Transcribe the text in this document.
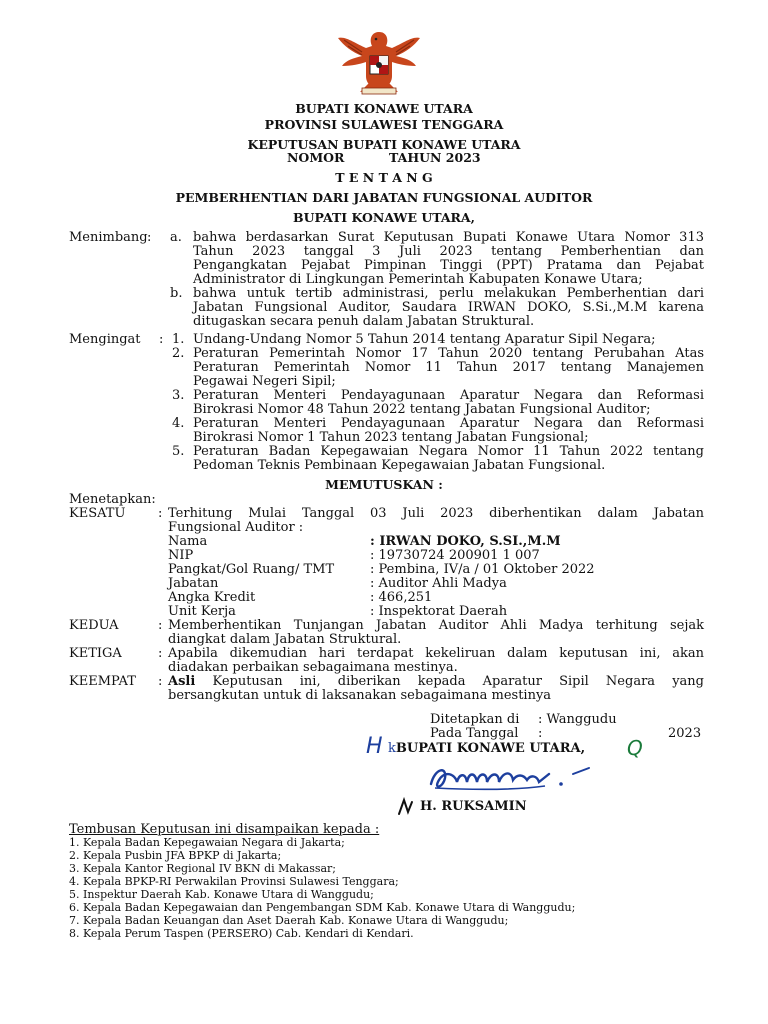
BUPATI KONAWE UTARA
PROVINSI SULAWESI TENGGARA
KEPUTUSAN BUPATI KONAWE UTARA
NOMOR	TAHUN 2023
T E N T A N G
PEMBERHENTIAN DARI JABATAN FUNGSIONAL AUDITOR
BUPATI KONAWE UTARA,
Menimbang : a. bahwa berdasarkan Surat Keputusan Bupati Konawe Utara Nomor 313
Tahun 2023 tanggal 3 Juli 2023 tentang Pemberhentian dan
Pengangkatan Pejabat Pimpinan Tinggi (PPT) Pratama dan Pejabat
Administrator di Lingkungan Pemerintah Kabupaten Konawe Utara;
b. bahwa untuk tertib administrasi, perlu melakukan Pemberhentian dari
Jabatan Fungsional Auditor, Saudara IRWAN DOKO, S.Si.,M.M karena
ditugaskan secara penuh dalam Jabatan Struktural.
Mengingat : 1. Undang-Undang Nomor 5 Tahun 2014 tentang Aparatur Sipil Negara;
2. Peraturan Pemerintah Nomor 17 Tahun 2020 tentang Perubahan Atas
Peraturan Pemerintah Nomor 11 Tahun 2017 tentang Manajemen
Pegawai Negeri Sipil;
3. Peraturan Menteri Pendayagunaan Aparatur Negara dan Reformasi
Birokrasi Nomor 48 Tahun 2022 tentang Jabatan Fungsional Auditor;
4. Peraturan Menteri Pendayagunaan Aparatur Negara dan Reformasi
Birokrasi Nomor 1 Tahun 2023 tentang Jabatan Fungsional;
5. Peraturan Badan Kepegawaian Negara Nomor 11 Tahun 2022 tentang
Pedoman Teknis Pembinaan Kepegawaian Jabatan Fungsional.
MEMUTUSKAN :
Menetapkan:
KESATU	: Terhitung Mulai Tanggal 03 Juli 2023 diberhentikan dalam Jabatan
Fungsional Auditor :
Nama	: IRWAN DOKO, S.SI.,M.M
NIP	: 19730724 200901 1 007
Pangkat/Gol Ruang/ TMT	: Pembina, IV/a / 01 Oktober 2022
Jabatan	: Auditor Ahli Madya
Angka Kredit	: 466,251
Unit Kerja	: Inspektorat Daerah
KEDUA	: Memberhentikan Tunjangan Jabatan Auditor Ahli Madya terhitung sejak
diangkat dalam Jabatan Struktural.
KETIGA	: Apabila dikemudian hari terdapat kekeliruan dalam keputusan ini, akan
diadakan perbaikan sebagaimana mestinya.
KEEMPAT : Asli Keputusan ini, diberikan kepada Aparatur Sipil Negara yang
bersangkutan untuk di laksanakan sebagaimana mestinya
Ditetapkan di : Wanggudu
Pada Tanggal :	2023
H kBUPATI KONAWE UTARA, Q
H. RUKSAMIN
Tembusan Keputusan ini disampaikan kepada :
1. Kepala Badan Kepegawaian Negara di Jakarta;
2. Kepala Pusbin JFA BPKP di Jakarta;
3. Kepala Kantor Regional IV BKN di Makassar;
4. Kepala BPKP-RI Perwakilan Provinsi Sulawesi Tenggara;
5. Inspektur Daerah Kab. Konawe Utara di Wanggudu;
6. Kepala Badan Kepegawaian dan Pengembangan SDM Kab. Konawe Utara di Wanggudu;
7. Kepala Badan Keuangan dan Aset Daerah Kab. Konawe Utara di Wanggudu;
8. Kepala Perum Taspen (PERSERO) Cab. Kendari di Kendari.
